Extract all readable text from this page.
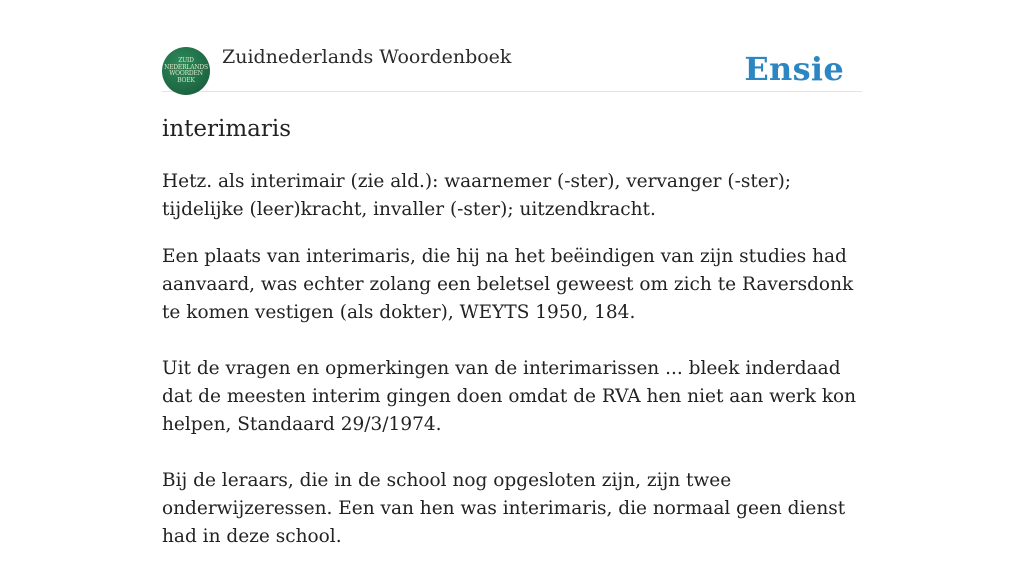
ZUID
NEDERLANDS
WOORDEN
BOEK
Zuidnederlands Woordenboek	Ensie
interimaris

Hetz. als interimair (zie ald.): waarnemer (-ster), vervanger (-ster); tijdelijke (leer)kracht, invaller (-ster); uitzendkracht.

Een plaats van interimaris, die hij na het beëindigen van zijn studies had aanvaard, was echter zolang een beletsel geweest om zich te Raversdonk te komen vestigen (als dokter), WEYTS 1950, 184.

Uit de vragen en opmerkingen van de interimarissen ... bleek inderdaad dat de meesten interim gingen doen omdat de RVA hen niet aan werk kon helpen, Standaard 29/3/1974.

Bij de leraars, die in de school nog opgesloten zijn, zijn twee onderwijzeressen. Een van hen was interimaris, die normaal geen dienst had in deze school.
